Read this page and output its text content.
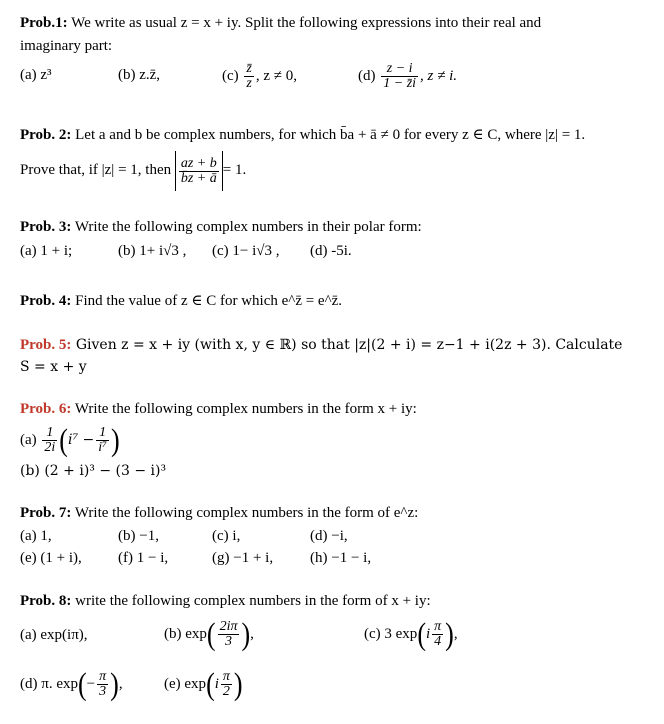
Prob.1: We write as usual z = x + iy. Split the following expressions into their real and
imaginary part:
(a) z³	(b) z.z̄,	$(c) \frac{z̄}{z}$ , z ≠ 0,	$(d) \frac{z - i}{1 - z̄i}$ , z ≠ i.
Prob. 2: Let a and b be complex numbers, for which b̄a + ā ≠ 0 for every z ∈ C, where |z| = 1.
Prove that, if |z| = 1, then $\frac{az + b}{b̄z + ā} = 1$.
Prob. 3: Write the following complex numbers in their polar form:
(a) 1 + i;	(b) 1+ i√3 , (c) 1− i√3 , (d) -5i.
Prob. 4: Find the value of z ∈ C for which e^z̄ = e^z̄.
Prob. 5: Given z = x + iy (with x, y ∈ ℝ) so that |z|(2 + i) = z−1 + i(2z + 3). Calculate
S = x + y
Prob. 6: Write the following complex numbers in the form x + iy:
$(a) \frac{1}{2i} (i^7 - \frac{1}{\text{i⁷}}$ )
(b) (2 + i)³ − (3 − i)³
Prob. 7: Write the following complex numbers in the form of e^z:
(a) 1,	(b) −1,	(c) i,	(d) −i,
(e) (1 + i), (f) 1 − i,	(g) −1 + i, (h) −1 − i,
Prob. 8: write the following complex numbers in the form of x + iy:
(a) exp(iπ),	(b) $\exp( \frac{2i\pi}{3}$ ),	(c) 3 $\exp(i \frac{\pi}{4}$ ),
(d) π. $\exp(- \frac{\pi}{3}$ ),	(e) $\exp(i \frac{\pi}{2}$ )
